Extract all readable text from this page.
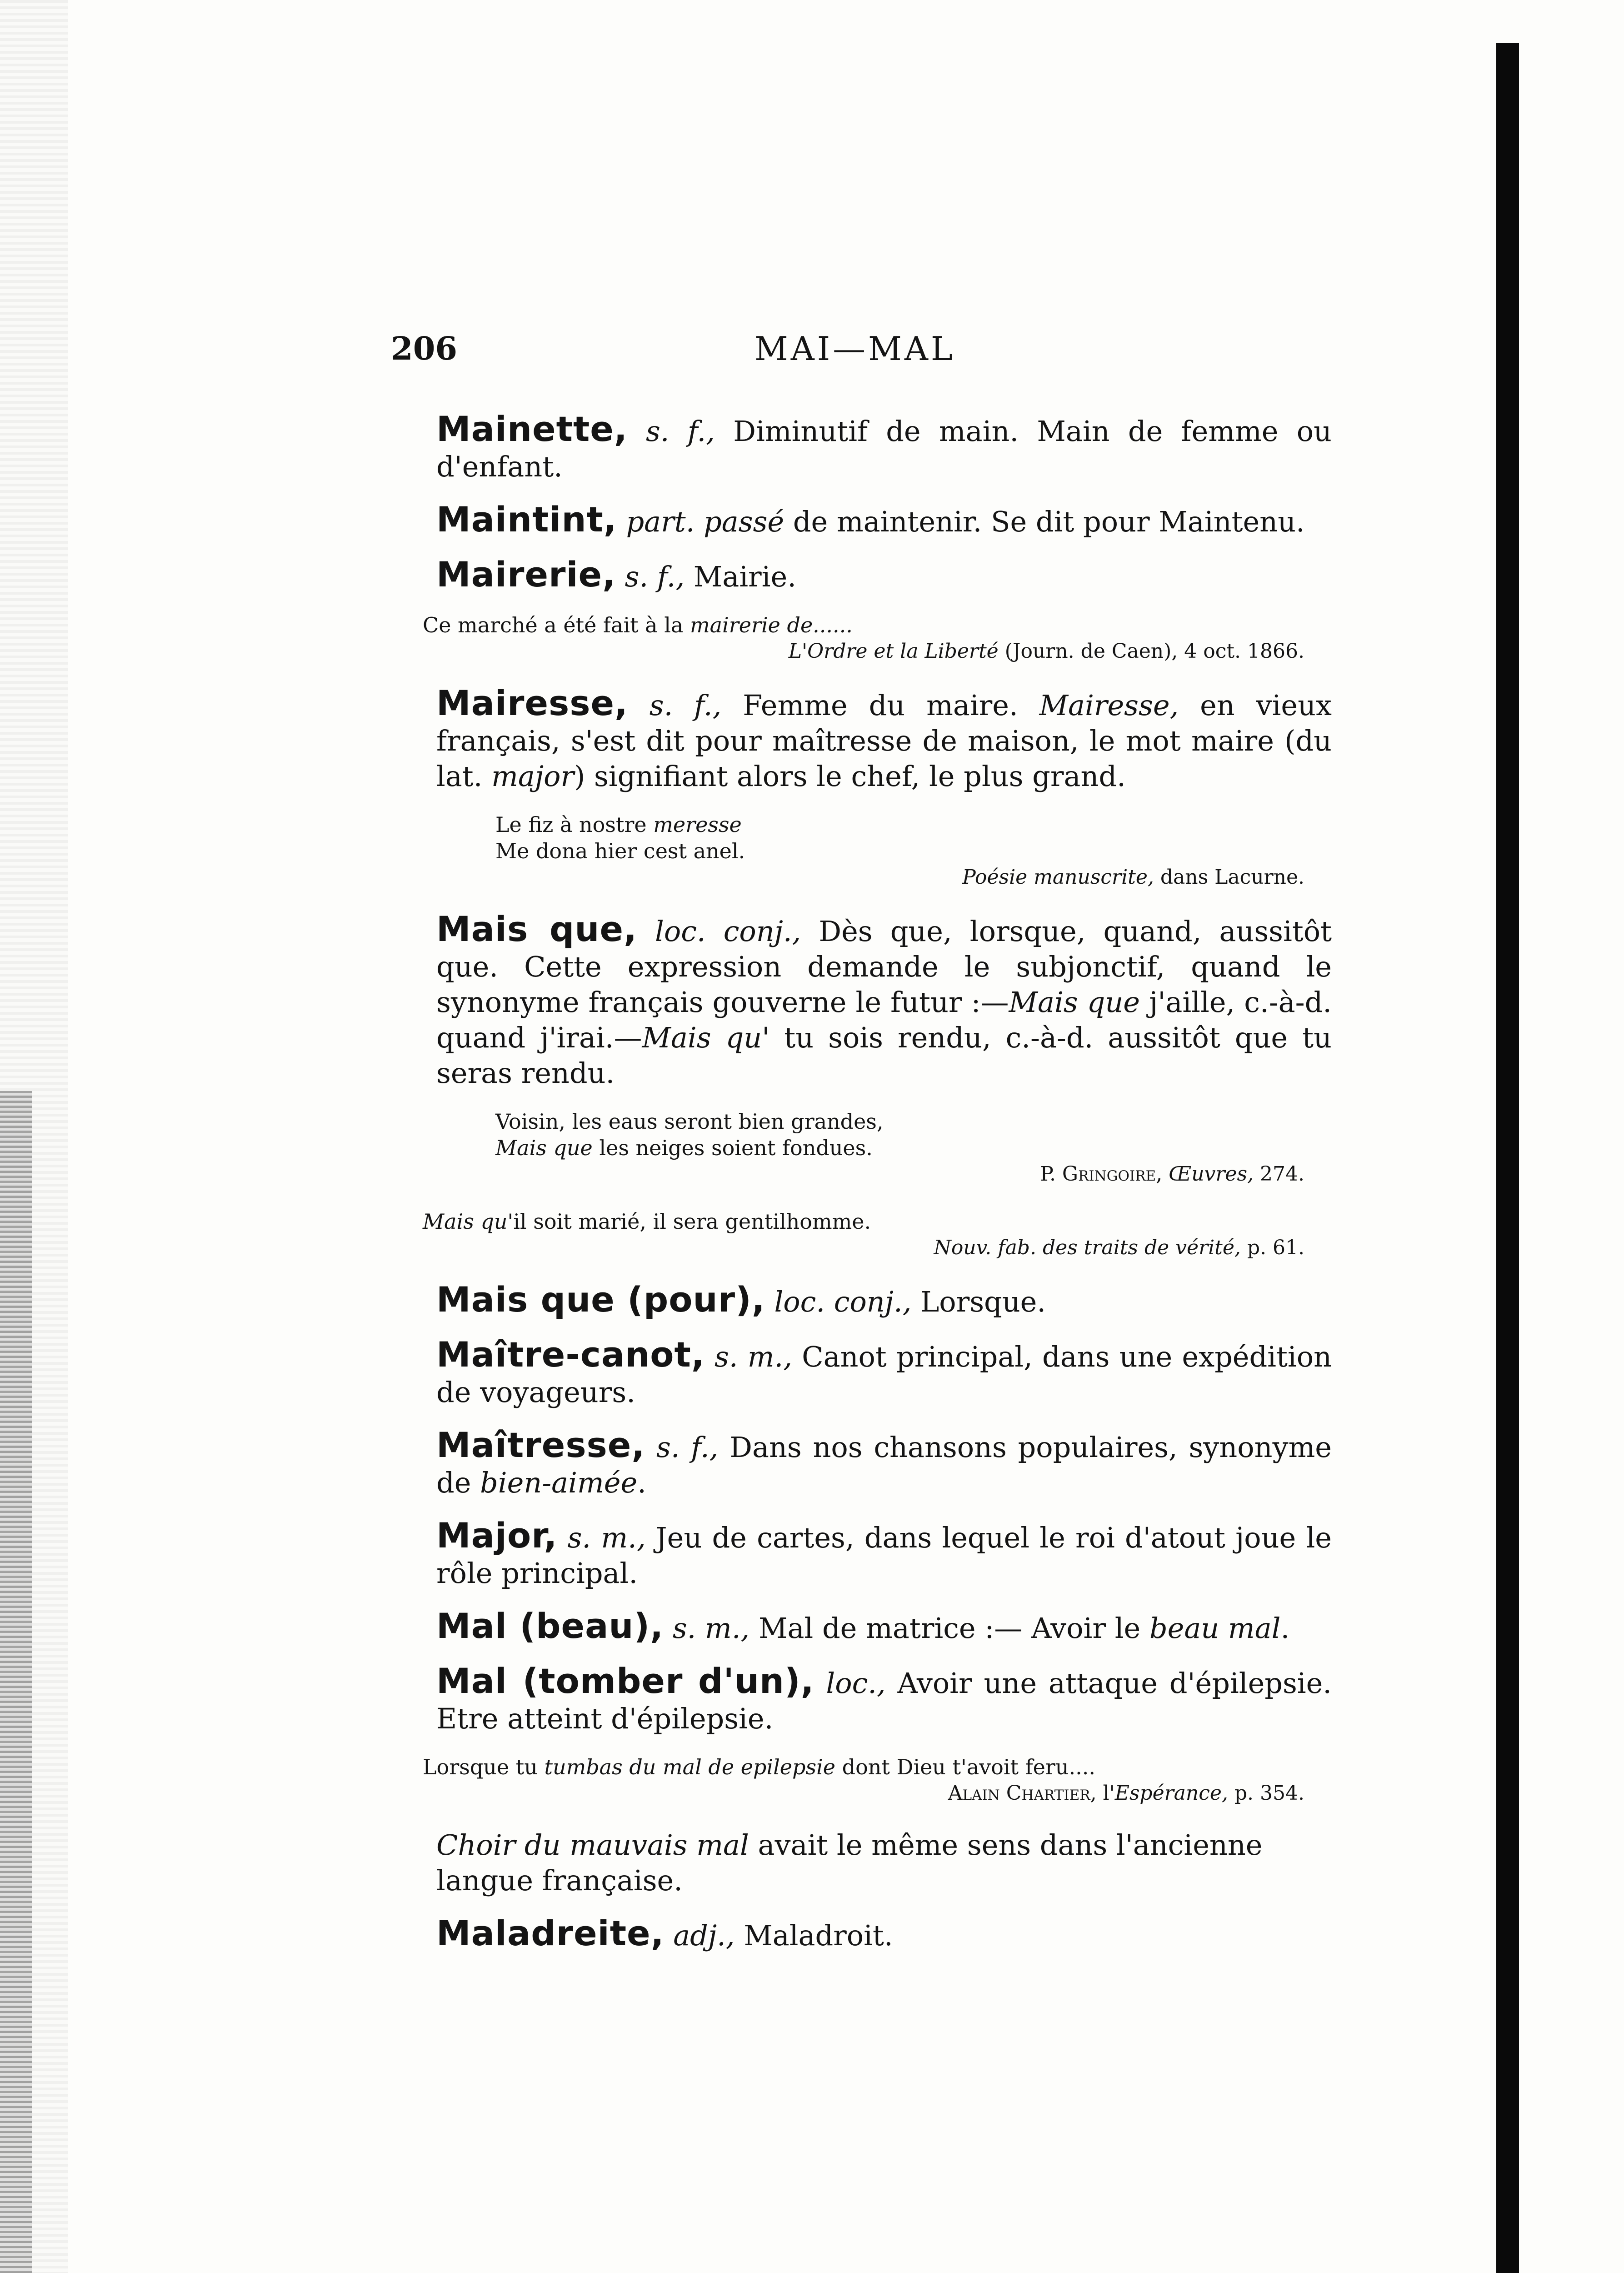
206	MAI—MAL

Mainette, s. f., Diminutif de main. Main de femme ou d'enfant.

Maintint, part. passé de maintenir. Se dit pour Maintenu.

Mairerie, s. f., Mairie.

Ce marché a été fait à la mairerie de......
L'Ordre et la Liberté (Journ. de Caen), 4 oct. 1866.

Mairesse, s. f., Femme du maire. Mairesse, en vieux français, s'est dit pour maîtresse de maison, le mot maire (du lat. major) signifiant alors le chef, le plus grand.

Le fiz à nostre meresse
Me dona hier cest anel.
Poésie manuscrite, dans Lacurne.

Mais que, loc. conj., Dès que, lorsque, quand, aussitôt que. Cette expression demande le subjonctif, quand le synonyme français gouverne le futur :—Mais que j'aille, c.-à-d. quand j'irai.—Mais qu' tu sois rendu, c.-à-d. aussitôt que tu seras rendu.

Voisin, les eaus seront bien grandes,
Mais que les neiges soient fondues.
P. Gringoire, Œuvres, 274.
Mais qu'il soit marié, il sera gentilhomme.
Nouv. fab. des traits de vérité, p. 61.

Mais que (pour), loc. conj., Lorsque.

Maître-canot, s. m., Canot principal, dans une expédition de voyageurs.

Maîtresse, s. f., Dans nos chansons populaires, synonyme de bien-aimée.

Major, s. m., Jeu de cartes, dans lequel le roi d'atout joue le rôle principal.

Mal (beau), s. m., Mal de matrice :— Avoir le beau mal.

Mal (tomber d'un), loc., Avoir une attaque d'épilepsie. Etre atteint d'épilepsie.

Lorsque tu tumbas du mal de epilepsie dont Dieu t'avoit feru....
Alain Chartier, l'Espérance, p. 354.

Choir du mauvais mal avait le même sens dans l'ancienne langue française.

Maladreite, adj., Maladroit.
